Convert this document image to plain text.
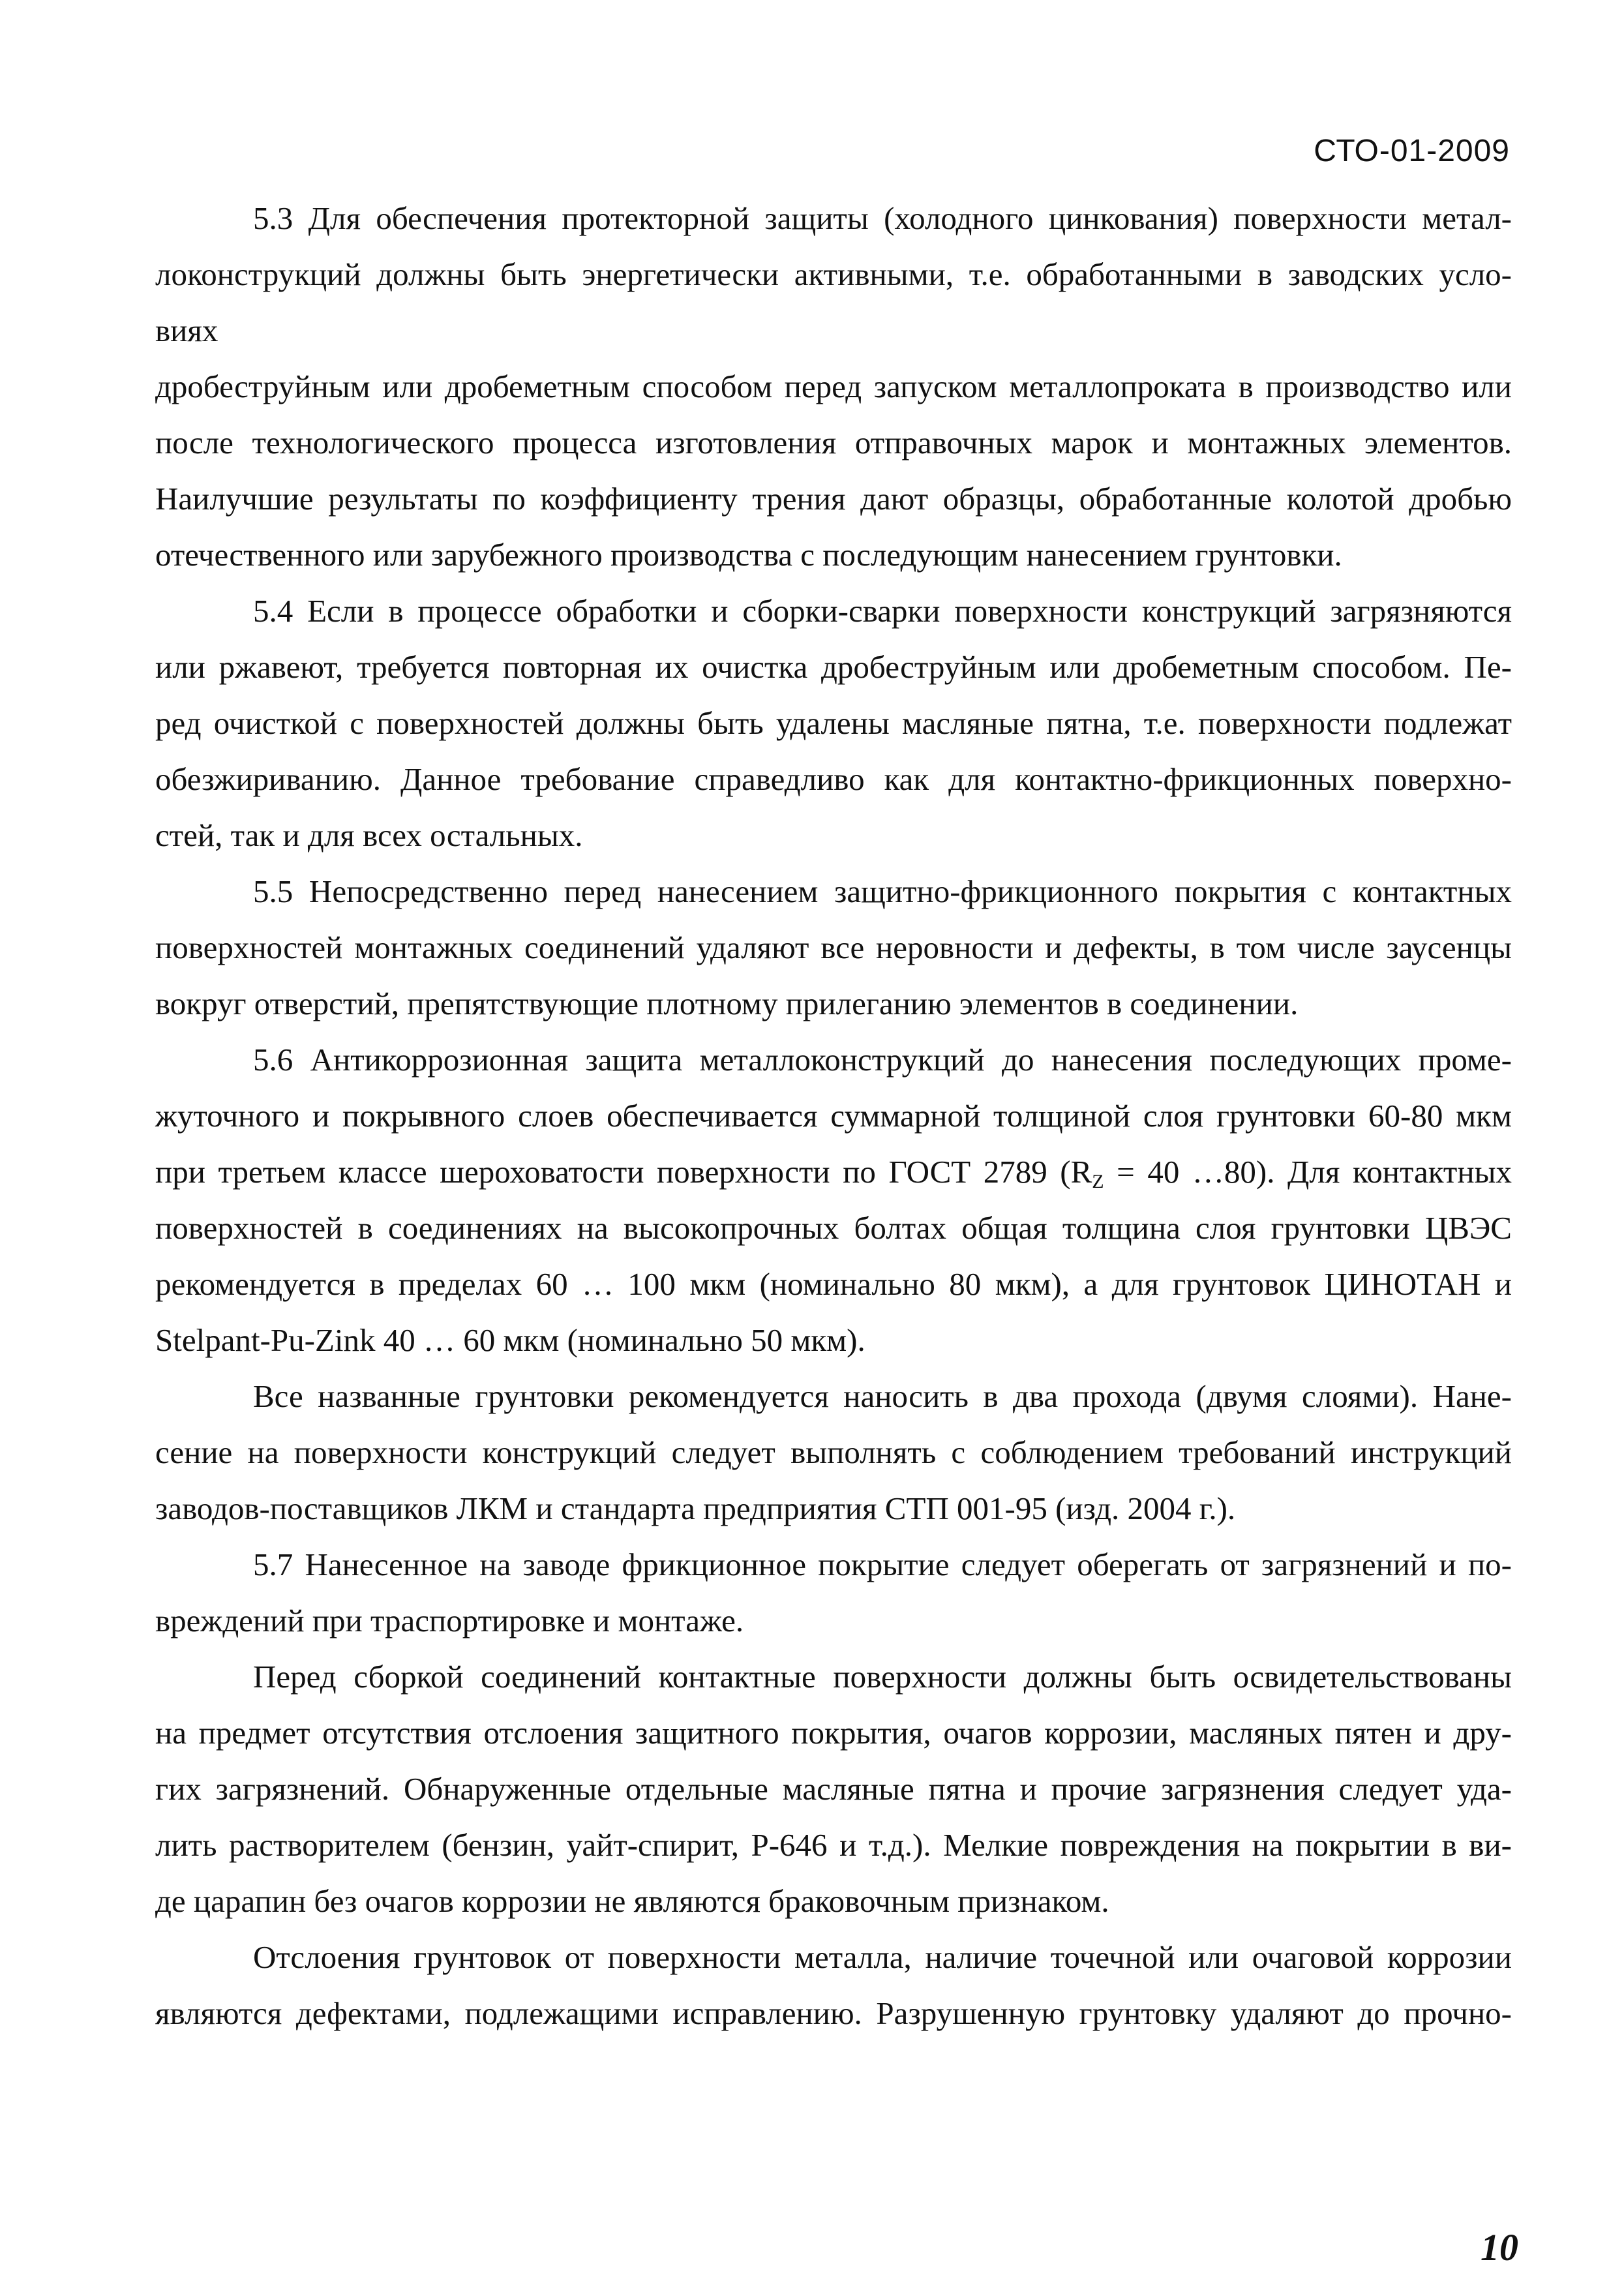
СТО-01-2009
5.3 Для обеспечения протекторной защиты (холодного цинкования) поверхности метал-
локонструкций должны быть энергетически активными, т.е. обработанными в заводских усло-
виях
дробеструйным или дробеметным способом перед запуском металлопроката в производство или
после технологического процесса изготовления отправочных марок и монтажных элементов.
Наилучшие результаты по коэффициенту трения дают образцы, обработанные колотой дробью
отечественного или зарубежного производства с последующим нанесением грунтовки.
5.4 Если в процессе обработки и сборки-сварки поверхности конструкций загрязняются
или ржавеют, требуется повторная их очистка дробеструйным или дробеметным способом. Пе-
ред очисткой с поверхностей должны быть удалены масляные пятна, т.е. поверхности подлежат
обезжириванию. Данное требование справедливо как для контактно-фрикционных поверхно-
стей, так и для всех остальных.
5.5 Непосредственно перед нанесением защитно-фрикционного покрытия с контактных
поверхностей монтажных соединений удаляют все неровности и дефекты, в том числе заусенцы
вокруг отверстий, препятствующие плотному прилеганию элементов в соединении.
5.6 Антикоррозионная защита металлоконструкций до нанесения последующих проме-
жуточного и покрывного слоев обеспечивается суммарной толщиной слоя грунтовки 60-80 мкм
при третьем классе шероховатости поверхности по ГОСТ 2789 ($R_Z = 40$ …80). Для контактных
поверхностей в соединениях на высокопрочных болтах общая толщина слоя грунтовки ЦВЭС
рекомендуется в пределах 60 … 100 мкм (номинально 80 мкм), а для грунтовок ЦИНОТАН и
Stelpant-Pu-Zink 40 … 60 мкм (номинально 50 мкм).
Все названные грунтовки рекомендуется наносить в два прохода (двумя слоями). Нане-
сение на поверхности конструкций следует выполнять с соблюдением требований инструкций
заводов-поставщиков ЛКМ и стандарта предприятия СТП 001-95 (изд. 2004 г.).
5.7 Нанесенное на заводе фрикционное покрытие следует оберегать от загрязнений и по-
вреждений при траспортировке и монтаже.
Перед сборкой соединений контактные поверхности должны быть освидетельствованы
на предмет отсутствия отслоения защитного покрытия, очагов коррозии, масляных пятен и дру-
гих загрязнений. Обнаруженные отдельные масляные пятна и прочие загрязнения следует уда-
лить растворителем (бензин, уайт-спирит, Р-646 и т.д.). Мелкие повреждения на покрытии в ви-
де царапин без очагов коррозии не являются браковочным признаком.
Отслоения грунтовок от поверхности металла, наличие точечной или очаговой коррозии
являются дефектами, подлежащими исправлению. Разрушенную грунтовку удаляют до прочно-
10
